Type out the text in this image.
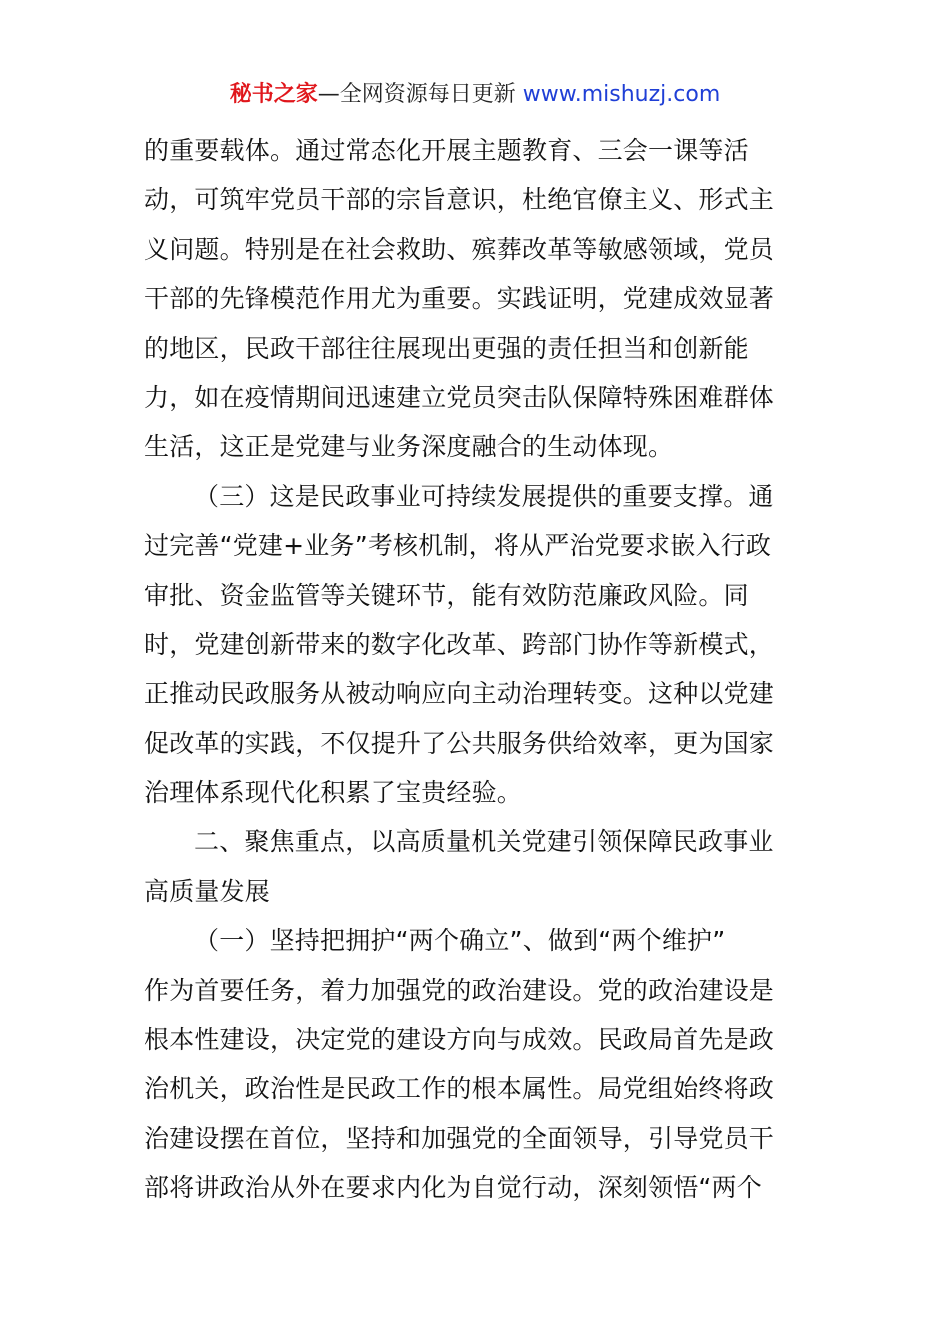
秘书之家—全网资源每日更新 www.mishuzj.com
的重要载体。通过常态化开展主题教育、三会一课等活
动，可筑牢党员干部的宗旨意识，杜绝官僚主义、形式主
义问题。特别是在社会救助、殡葬改革等敏感领域，党员
干部的先锋模范作用尤为重要。实践证明，党建成效显著
的地区，民政干部往往展现出更强的责任担当和创新能
力，如在疫情期间迅速建立党员突击队保障特殊困难群体
生活，这正是党建与业务深度融合的生动体现。
（三）这是民政事业可持续发展提供的重要支撑。通
过完善“党建+业务”考核机制，将从严治党要求嵌入行政
审批、资金监管等关键环节，能有效防范廉政风险。同
时，党建创新带来的数字化改革、跨部门协作等新模式，
正推动民政服务从被动响应向主动治理转变。这种以党建
促改革的实践，不仅提升了公共服务供给效率，更为国家
治理体系现代化积累了宝贵经验。
二、聚焦重点，以高质量机关党建引领保障民政事业
高质量发展
（一）坚持把拥护“两个确立”、做到“两个维护”
作为首要任务，着力加强党的政治建设。党的政治建设是
根本性建设，决定党的建设方向与成效。民政局首先是政
治机关，政治性是民政工作的根本属性。局党组始终将政
治建设摆在首位，坚持和加强党的全面领导，引导党员干
部将讲政治从外在要求内化为自觉行动，深刻领悟“两个
